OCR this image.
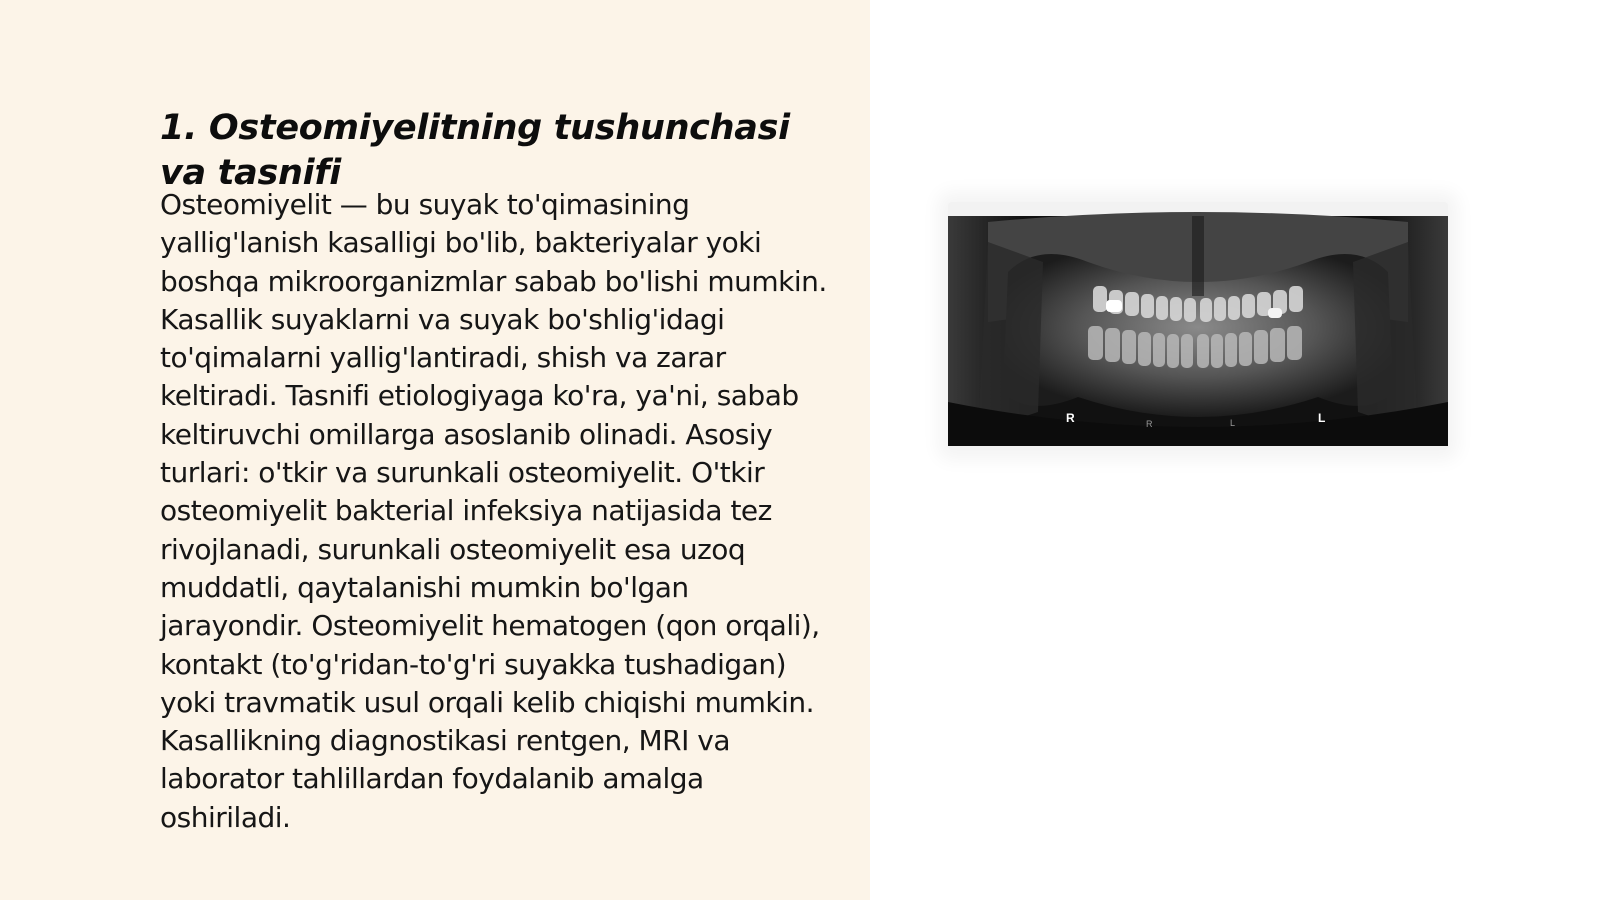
1. Osteomiyelitning tushunchasi va tasnifi

Osteomiyelit — bu suyak to'qimasining yallig'lanish kasalligi bo'lib, bakteriyalar yoki boshqa mikroorganizmlar sabab bo'lishi mumkin. Kasallik suyaklarni va suyak bo'shlig'idagi to'qimalarni yallig'lantiradi, shish va zarar keltiradi. Tasnifi etiologiyaga ko'ra, ya'ni, sabab keltiruvchi omillarga asoslanib olinadi. Asosiy turlari: o'tkir va surunkali osteomiyelit. O'tkir osteomiyelit bakterial infeksiya natijasida tez rivojlanadi, surunkali osteomiyelit esa uzoq muddatli, qaytalanishi mumkin bo'lgan jarayondir. Osteomiyelit hematogen (qon orqali), kontakt (to'g'ridan-to'g'ri suyakka tushadigan) yoki travmatik usul orqali kelib chiqishi mumkin. Kasallikning diagnostikasi rentgen, MRI va laborator tahlillardan foydalanib amalga oshiriladi.

R	R	L	L
